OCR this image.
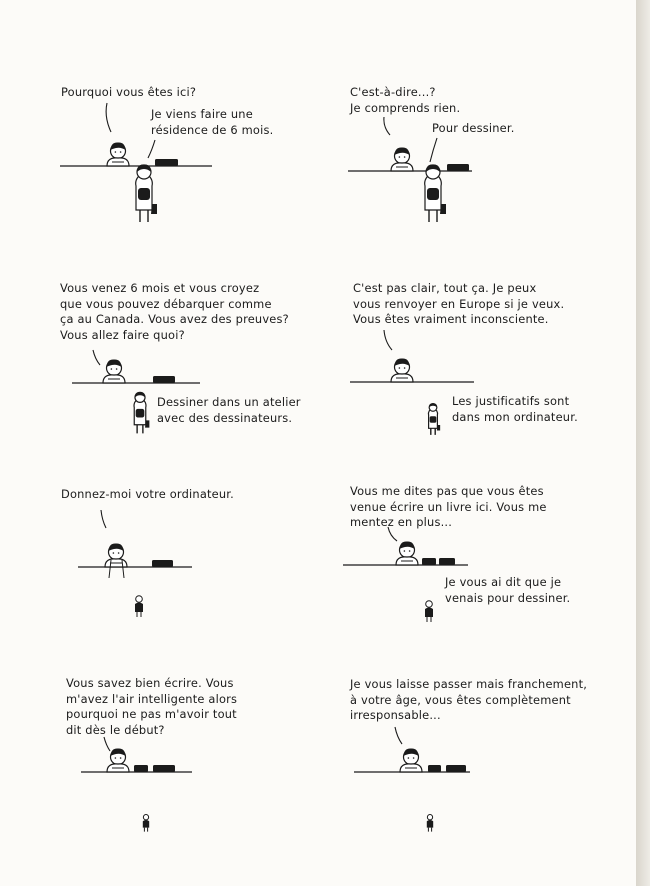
Pourquoi vous êtes ici?

Je viens faire une
résidence de 6 mois.

C'est-à-dire...?
Je comprends rien.

Pour dessiner.

Vous venez 6 mois et vous croyez
que vous pouvez débarquer comme
ça au Canada. Vous avez des preuves?
Vous allez faire quoi?

Dessiner dans un atelier
avec des dessinateurs.

C'est pas clair, tout ça. Je peux
vous renvoyer en Europe si je veux.
Vous êtes vraiment inconsciente.

Les justificatifs sont
dans mon ordinateur.

Donnez-moi votre ordinateur.	Vous me dites pas que vous êtes
venue écrire un livre ici. Vous me
mentez en plus...

Je vous ai dit que je
venais pour dessiner.

Vous savez bien écrire. Vous
m'avez l'air intelligente alors
pourquoi ne pas m'avoir tout
dit dès le début?

Je vous laisse passer mais franchement,
à votre âge, vous êtes complètement
irresponsable...
